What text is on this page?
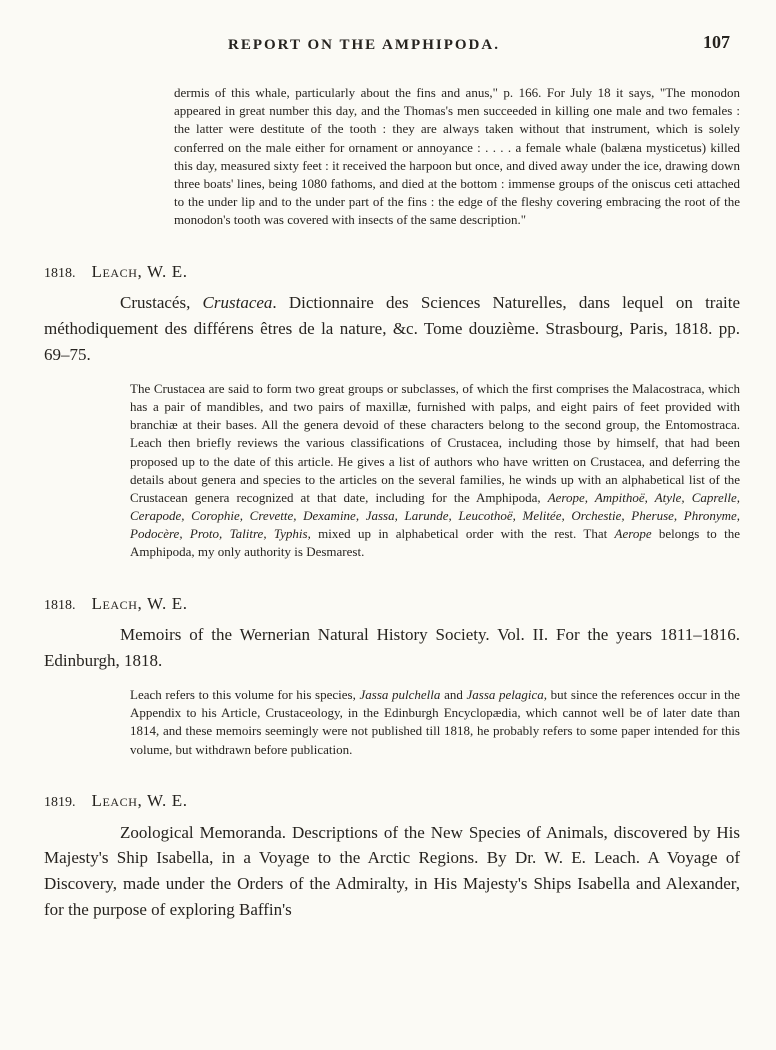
REPORT ON THE AMPHIPODA.	107

dermis of this whale, particularly about the fins and anus," p. 166. For July 18 it says, "The monodon appeared in great number this day, and the Thomas's men succeeded in killing one male and two females : the latter were destitute of the tooth : they are always taken without that instrument, which is solely conferred on the male either for ornament or annoyance : . . . . a female whale (balæna mysticetus) killed this day, measured sixty feet : it received the harpoon but once, and dived away under the ice, drawing down three boats' lines, being 1080 fathoms, and died at the bottom : immense groups of the oniscus ceti attached to the under lip and to the under part of the fins : the edge of the fleshy covering embracing the root of the monodon's tooth was covered with insects of the same description."

1818. Leach, W. E.

Crustacés, Crustacea. Dictionnaire des Sciences Naturelles, dans lequel on traite méthodiquement des différens êtres de la nature, &c. Tome douzième. Strasbourg, Paris, 1818. pp. 69–75.

The Crustacea are said to form two great groups or subclasses, of which the first comprises the Malacostraca, which has a pair of mandibles, and two pairs of maxillæ, furnished with palps, and eight pairs of feet provided with branchiæ at their bases. All the genera devoid of these characters belong to the second group, the Entomostraca. Leach then briefly reviews the various classifications of Crustacea, including those by himself, that had been proposed up to the date of this article. He gives a list of authors who have written on Crustacea, and deferring the details about genera and species to the articles on the several families, he winds up with an alphabetical list of the Crustacean genera recognized at that date, including for the Amphipoda, Aerope, Ampithoë, Atyle, Caprelle, Cerapode, Corophie, Crevette, Dexamine, Jassa, Larunde, Leucothoë, Melitée, Orchestie, Pheruse, Phronyme, Podocère, Proto, Talitre, Typhis, mixed up in alphabetical order with the rest. That Aerope belongs to the Amphipoda, my only authority is Desmarest.

1818. Leach, W. E.

Memoirs of the Wernerian Natural History Society. Vol. II. For the years 1811–1816. Edinburgh, 1818.

Leach refers to this volume for his species, Jassa pulchella and Jassa pelagica, but since the references occur in the Appendix to his Article, Crustaceology, in the Edinburgh Encyclopædia, which cannot well be of later date than 1814, and these memoirs seemingly were not published till 1818, he probably refers to some paper intended for this volume, but withdrawn before publication.

1819. Leach, W. E.

Zoological Memoranda. Descriptions of the New Species of Animals, discovered by His Majesty's Ship Isabella, in a Voyage to the Arctic Regions. By Dr. W. E. Leach. A Voyage of Discovery, made under the Orders of the Admiralty, in His Majesty's Ships Isabella and Alexander, for the purpose of exploring Baffin's
